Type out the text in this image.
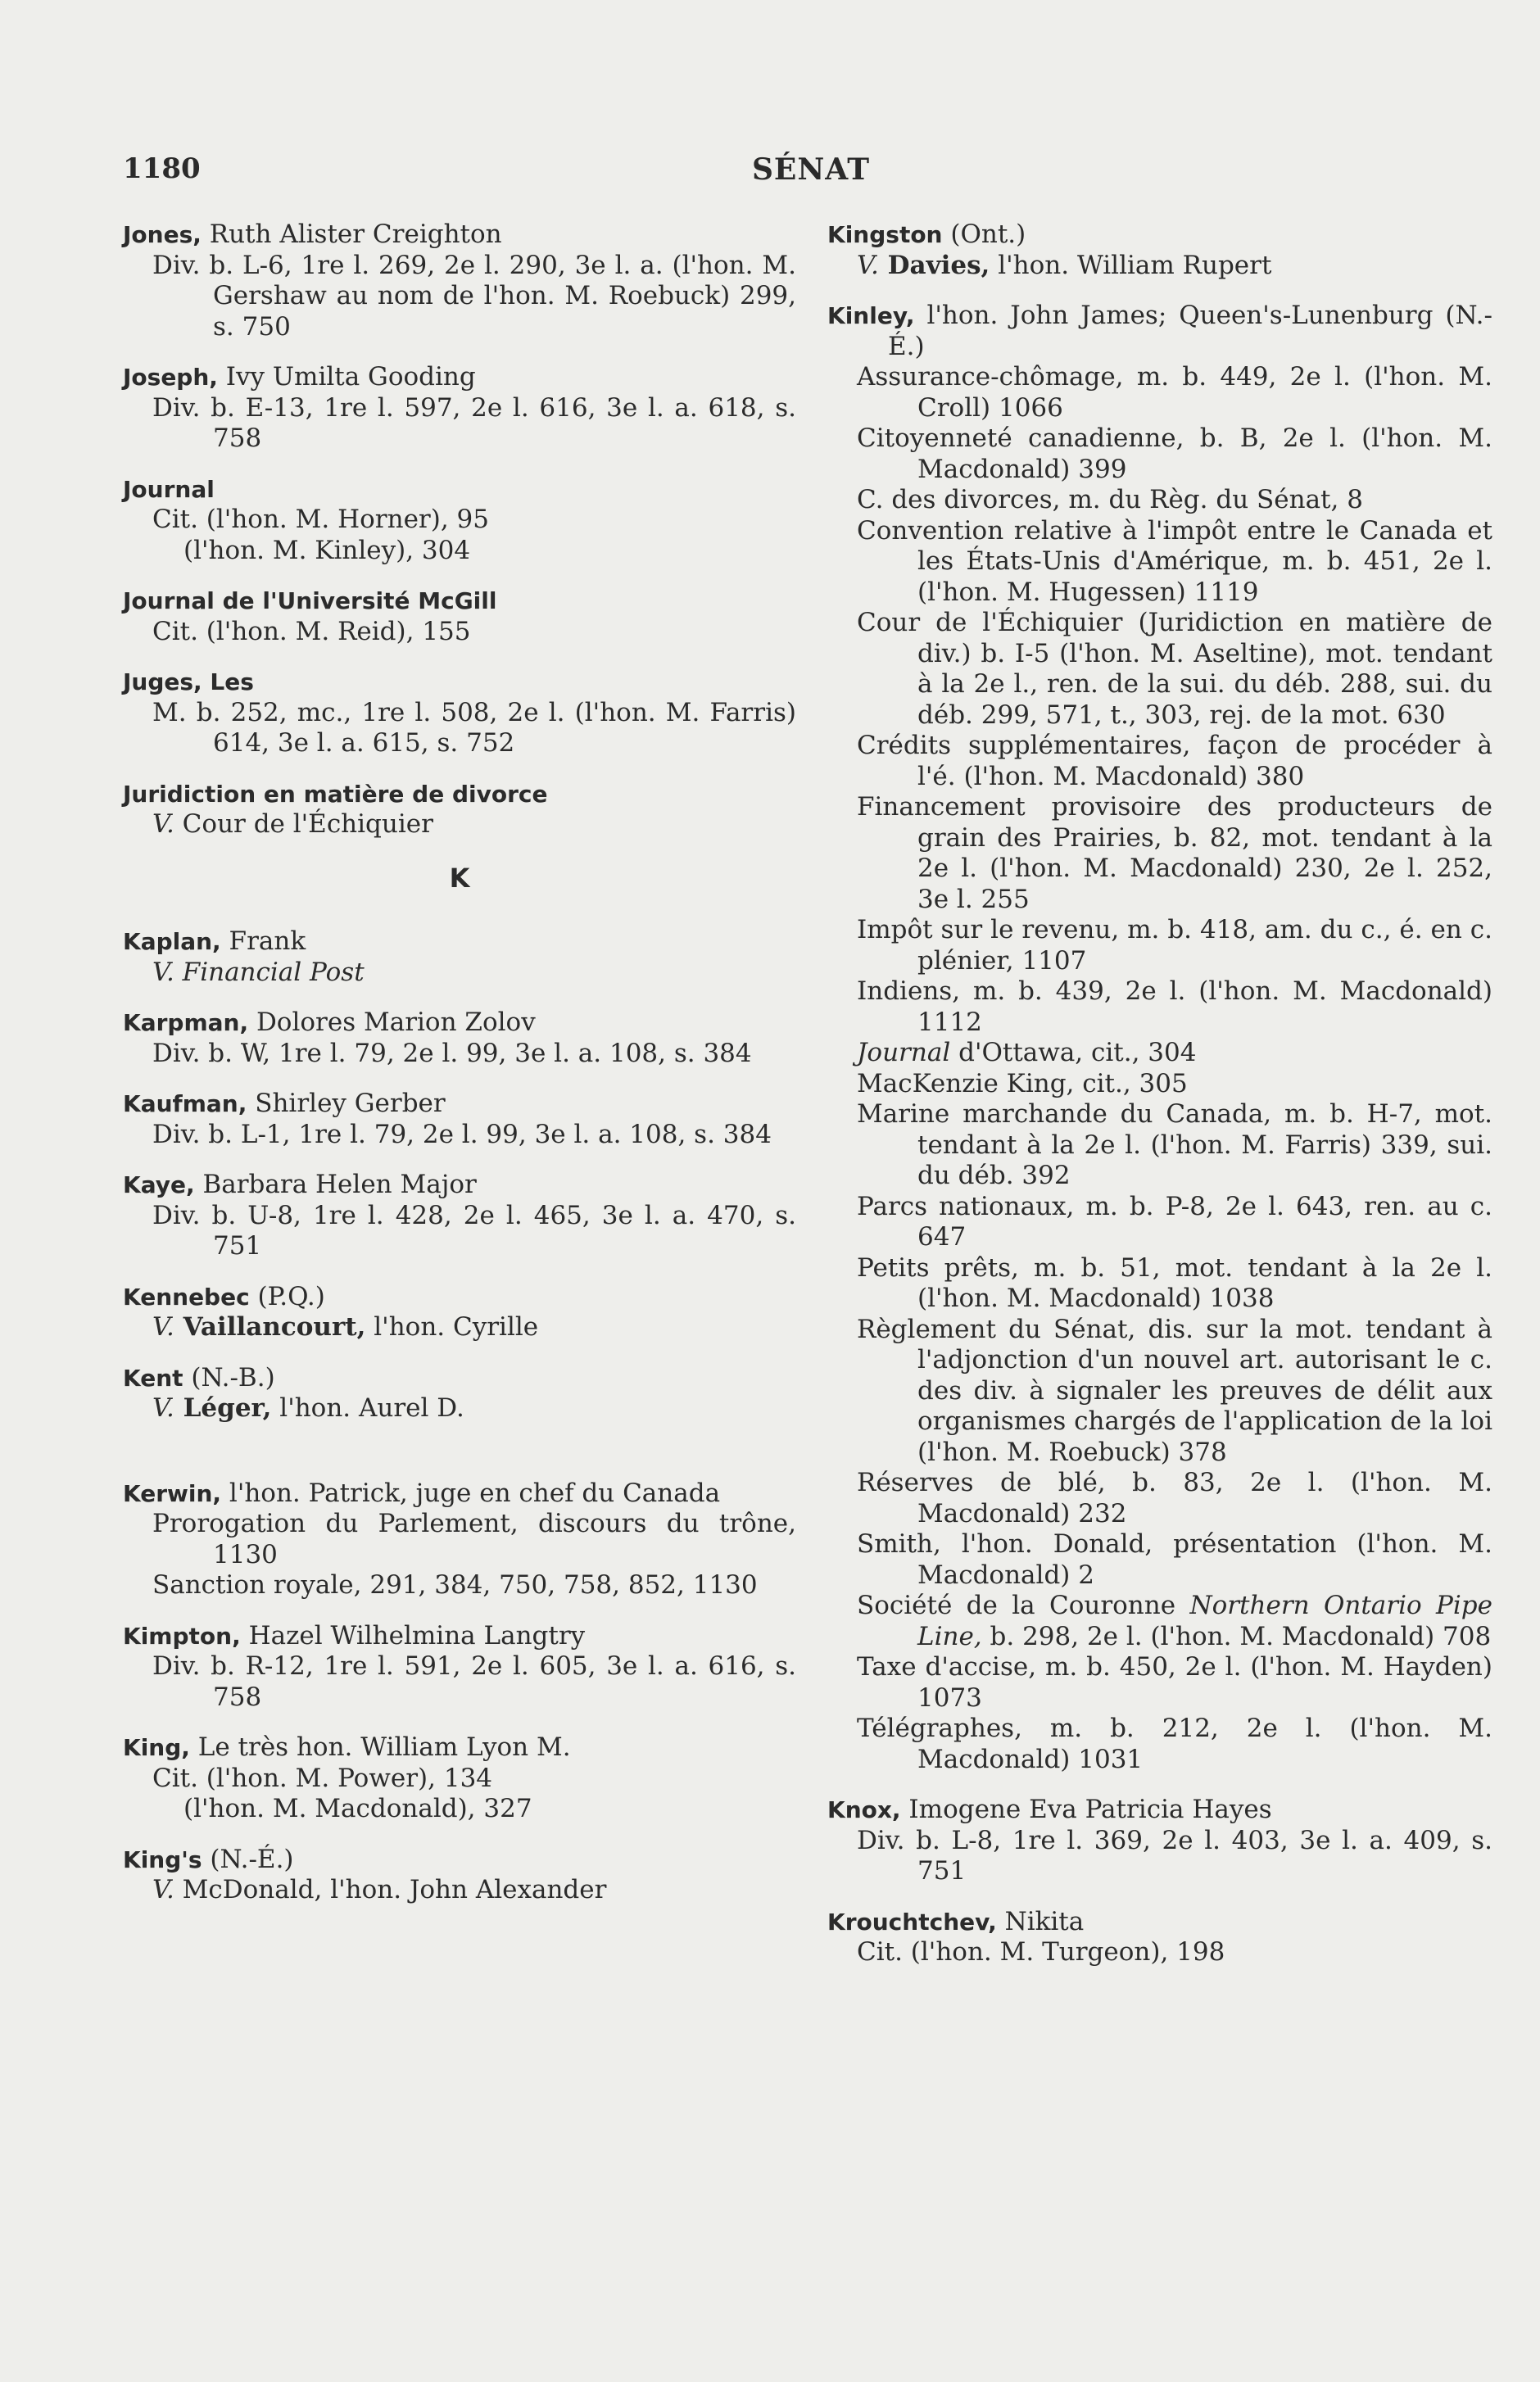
1180	SÉNAT

Jones, Ruth Alister Creighton

Div. b. L-6, 1re l. 269, 2e l. 290, 3e l. a. (l'hon. M. Gershaw au nom de l'hon. M. Roebuck) 299, s. 750

Joseph, Ivy Umilta Gooding

Div. b. E-13, 1re l. 597, 2e l. 616, 3e l. a. 618, s. 758

Journal

Cit. (l'hon. M. Horner), 95

(l'hon. M. Kinley), 304

Journal de l'Université McGill

Cit. (l'hon. M. Reid), 155

Juges, Les

M. b. 252, mc., 1re l. 508, 2e l. (l'hon. M. Farris) 614, 3e l. a. 615, s. 752

Juridiction en matière de divorce

V. Cour de l'Échiquier

K

Kaplan, Frank

V. Financial Post

Karpman, Dolores Marion Zolov

Div. b. W, 1re l. 79, 2e l. 99, 3e l. a. 108, s. 384

Kaufman, Shirley Gerber

Div. b. L-1, 1re l. 79, 2e l. 99, 3e l. a. 108, s. 384

Kaye, Barbara Helen Major

Div. b. U-8, 1re l. 428, 2e l. 465, 3e l. a. 470, s. 751

Kennebec (P.Q.)

V. Vaillancourt, l'hon. Cyrille

Kent (N.-B.)

V. Léger, l'hon. Aurel D.

Kerwin, l'hon. Patrick, juge en chef du Canada

Prorogation du Parlement, discours du trône, 1130

Sanction royale, 291, 384, 750, 758, 852, 1130

Kimpton, Hazel Wilhelmina Langtry

Div. b. R-12, 1re l. 591, 2e l. 605, 3e l. a. 616, s. 758

King, Le très hon. William Lyon M.

Cit. (l'hon. M. Power), 134

(l'hon. M. Macdonald), 327

King's (N.-É.)

V. McDonald, l'hon. John Alexander

Kingston (Ont.)

V. Davies, l'hon. William Rupert

Kinley, l'hon. John James; Queen's-Lunenburg (N.-É.)

Assurance-chômage, m. b. 449, 2e l. (l'hon. M. Croll) 1066

Citoyenneté canadienne, b. B, 2e l. (l'hon. M. Macdonald) 399

C. des divorces, m. du Règ. du Sénat, 8

Convention relative à l'impôt entre le Canada et les États-Unis d'Amérique, m. b. 451, 2e l. (l'hon. M. Hugessen) 1119

Cour de l'Échiquier (Juridiction en matière de div.) b. I-5 (l'hon. M. Aseltine), mot. tendant à la 2e l., ren. de la sui. du déb. 288, sui. du déb. 299, 571, t., 303, rej. de la mot. 630

Crédits supplémentaires, façon de procéder à l'é. (l'hon. M. Macdonald) 380

Financement provisoire des producteurs de grain des Prairies, b. 82, mot. tendant à la 2e l. (l'hon. M. Macdonald) 230, 2e l. 252, 3e l. 255

Impôt sur le revenu, m. b. 418, am. du c., é. en c. plénier, 1107

Indiens, m. b. 439, 2e l. (l'hon. M. Macdonald) 1112

Journal d'Ottawa, cit., 304

MacKenzie King, cit., 305

Marine marchande du Canada, m. b. H-7, mot. tendant à la 2e l. (l'hon. M. Farris) 339, sui. du déb. 392

Parcs nationaux, m. b. P-8, 2e l. 643, ren. au c. 647

Petits prêts, m. b. 51, mot. tendant à la 2e l. (l'hon. M. Macdonald) 1038

Règlement du Sénat, dis. sur la mot. tendant à l'adjonction d'un nouvel art. autorisant le c. des div. à signaler les preuves de délit aux organismes chargés de l'application de la loi (l'hon. M. Roebuck) 378

Réserves de blé, b. 83, 2e l. (l'hon. M. Macdonald) 232

Smith, l'hon. Donald, présentation (l'hon. M. Macdonald) 2

Société de la Couronne Northern Ontario Pipe Line, b. 298, 2e l. (l'hon. M. Macdonald) 708

Taxe d'accise, m. b. 450, 2e l. (l'hon. M. Hayden) 1073

Télégraphes, m. b. 212, 2e l. (l'hon. M. Macdonald) 1031

Knox, Imogene Eva Patricia Hayes

Div. b. L-8, 1re l. 369, 2e l. 403, 3e l. a. 409, s. 751

Krouchtchev, Nikita

Cit. (l'hon. M. Turgeon), 198
